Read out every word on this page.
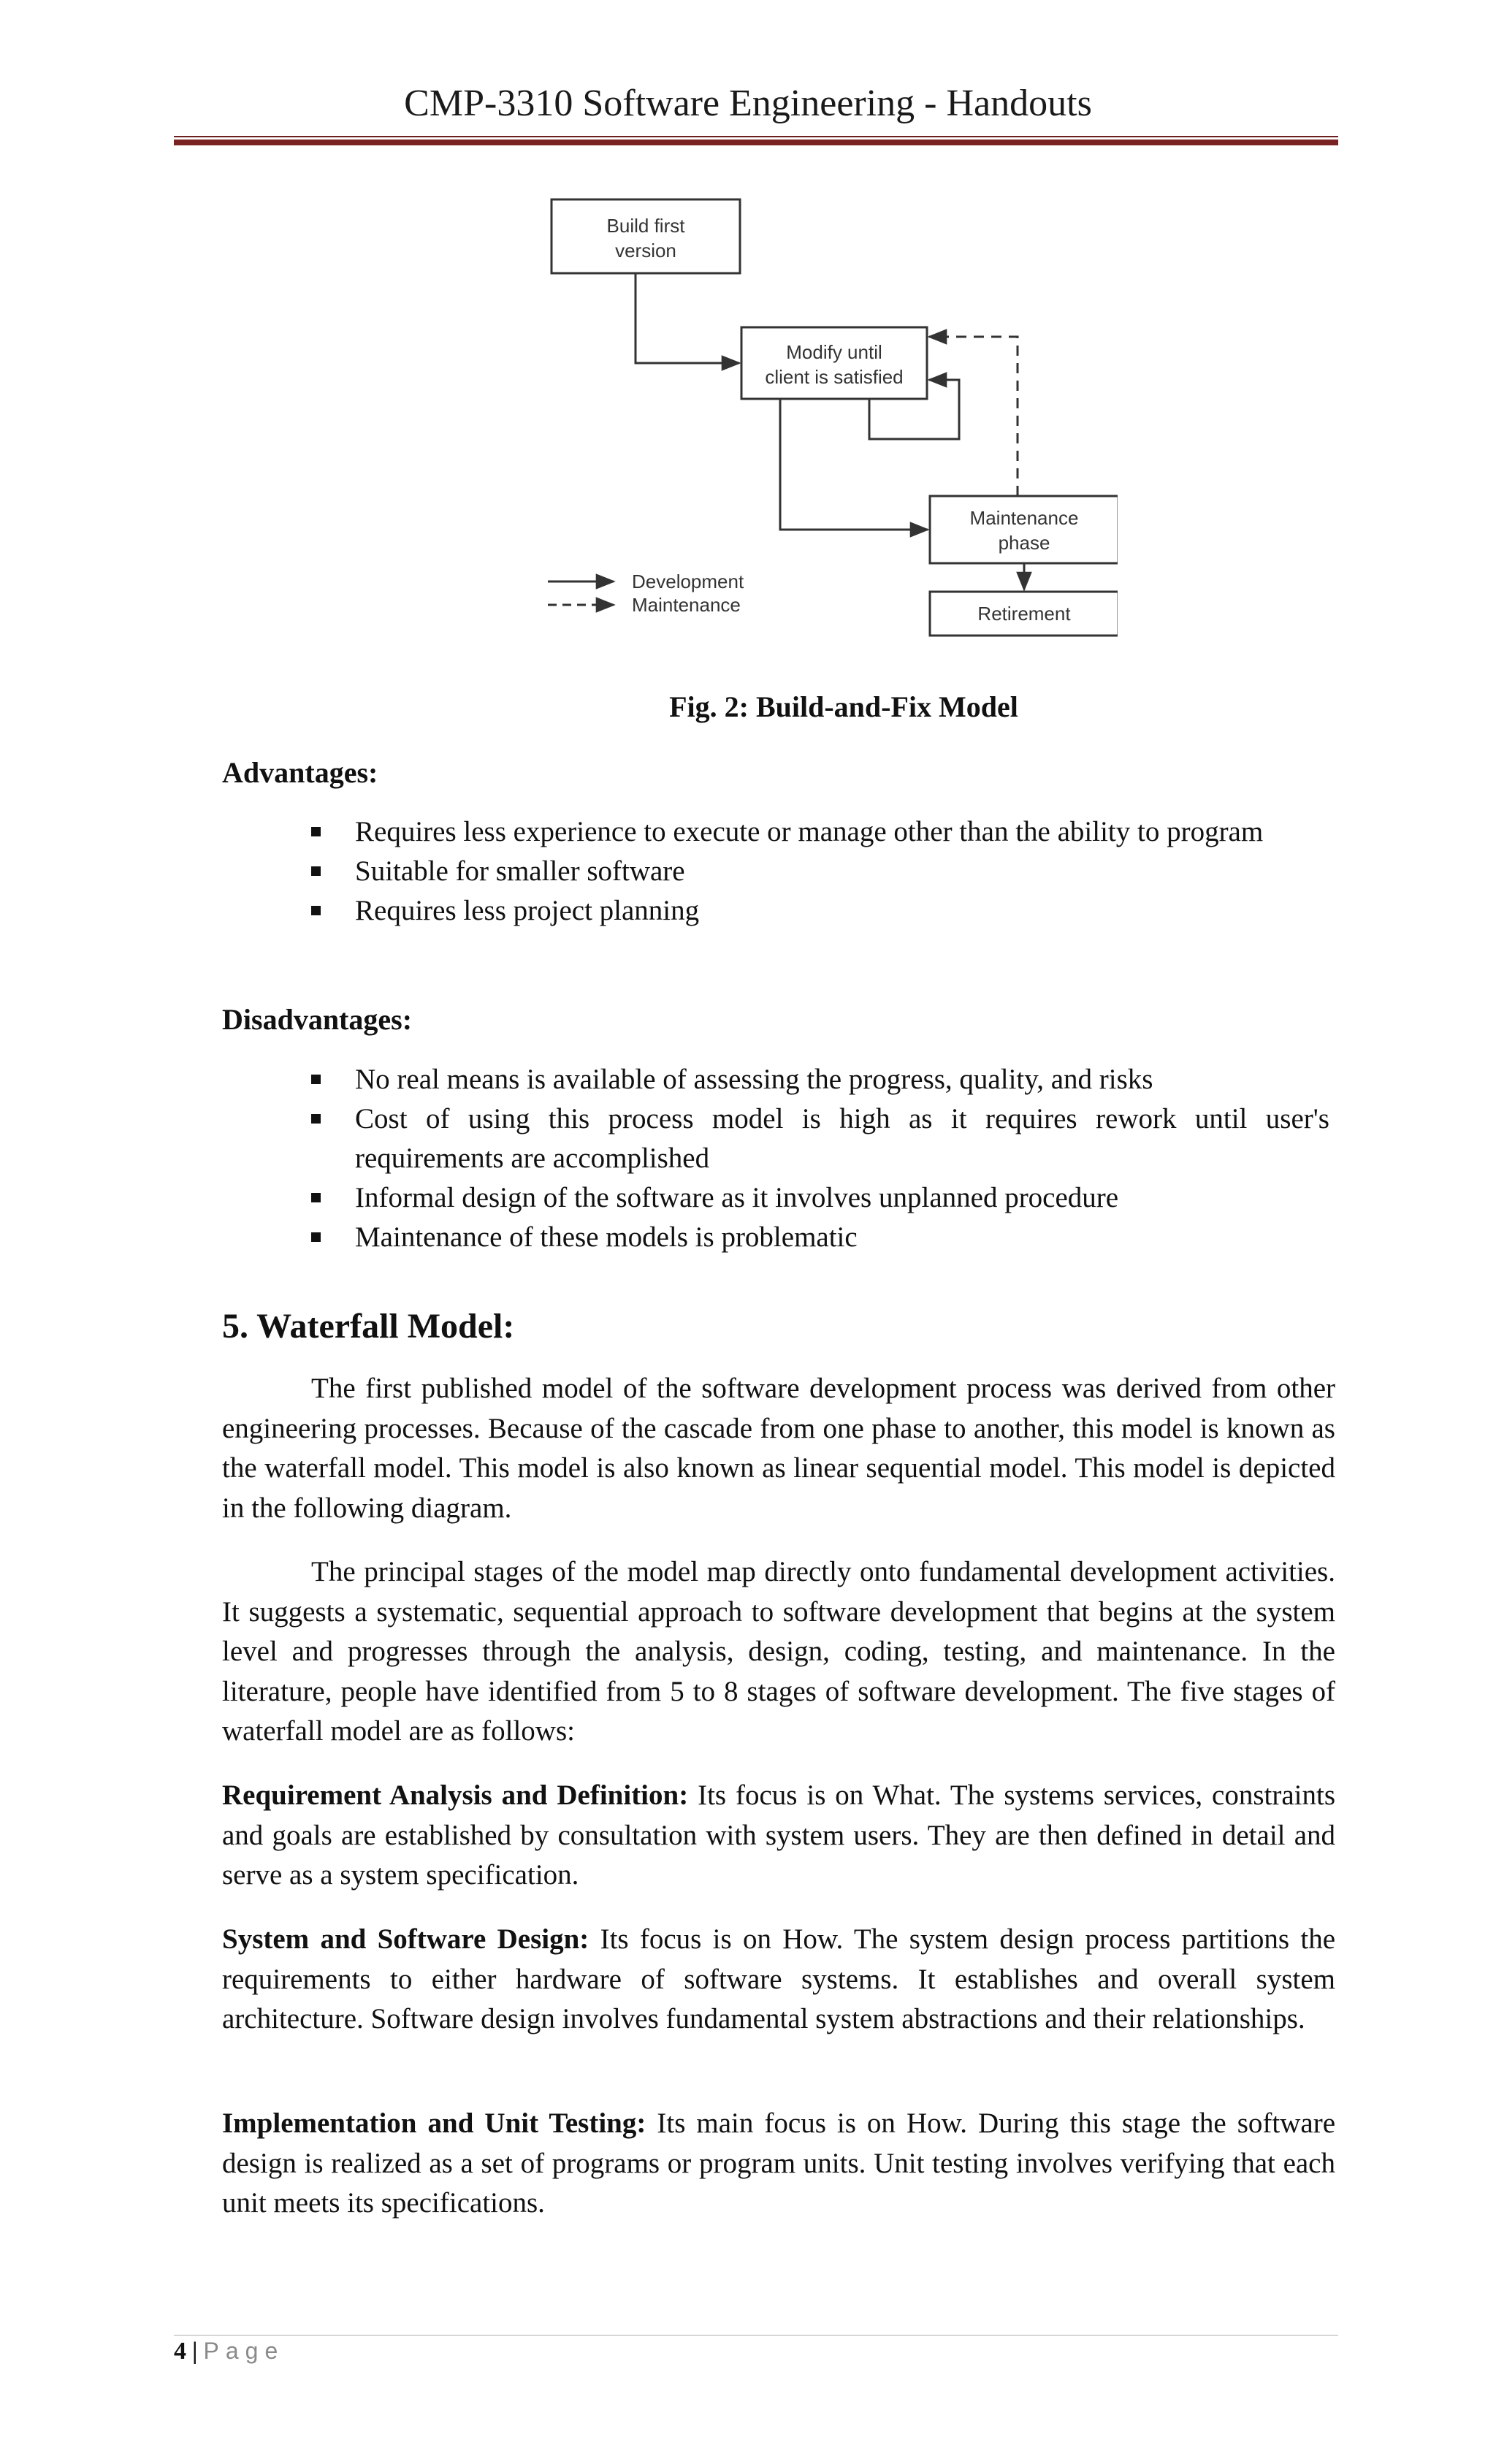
CMP-3310 Software Engineering - Handouts
Build first
version
Modify until
client is satisfied
Maintenance
phase
Retirement
Development
Maintenance
Fig. 2: Build-and-Fix Model
Advantages:
Requires less experience to execute or manage other than the ability to program
Suitable for smaller software
Requires less project planning
Disadvantages:
No real means is available of assessing the progress, quality, and risks
Cost of using this process model is high as it requires rework until user's requirements are accomplished
Informal design of the software as it involves unplanned procedure
Maintenance of these models is problematic
5. Waterfall Model:

The first published model of the software development process was derived from other engineering processes. Because of the cascade from one phase to another, this model is known as the waterfall model. This model is also known as linear sequential model. This model is depicted in the following diagram.

The principal stages of the model map directly onto fundamental development activities. It suggests a systematic, sequential approach to software development that begins at the system level and progresses through the analysis, design, coding, testing, and maintenance. In the literature, people have identified from 5 to 8 stages of software development. The five stages of waterfall model are as follows:

Requirement Analysis and Definition: Its focus is on What. The systems services, constraints and goals are established by consultation with system users. They are then defined in detail and serve as a system specification.

System and Software Design: Its focus is on How. The system design process partitions the requirements to either hardware of software systems. It establishes and overall system architecture. Software design involves fundamental system abstractions and their relationships.

Implementation and Unit Testing: Its main focus is on How. During this stage the software design is realized as a set of programs or program units. Unit testing involves verifying that each unit meets its specifications.

4 | Page
